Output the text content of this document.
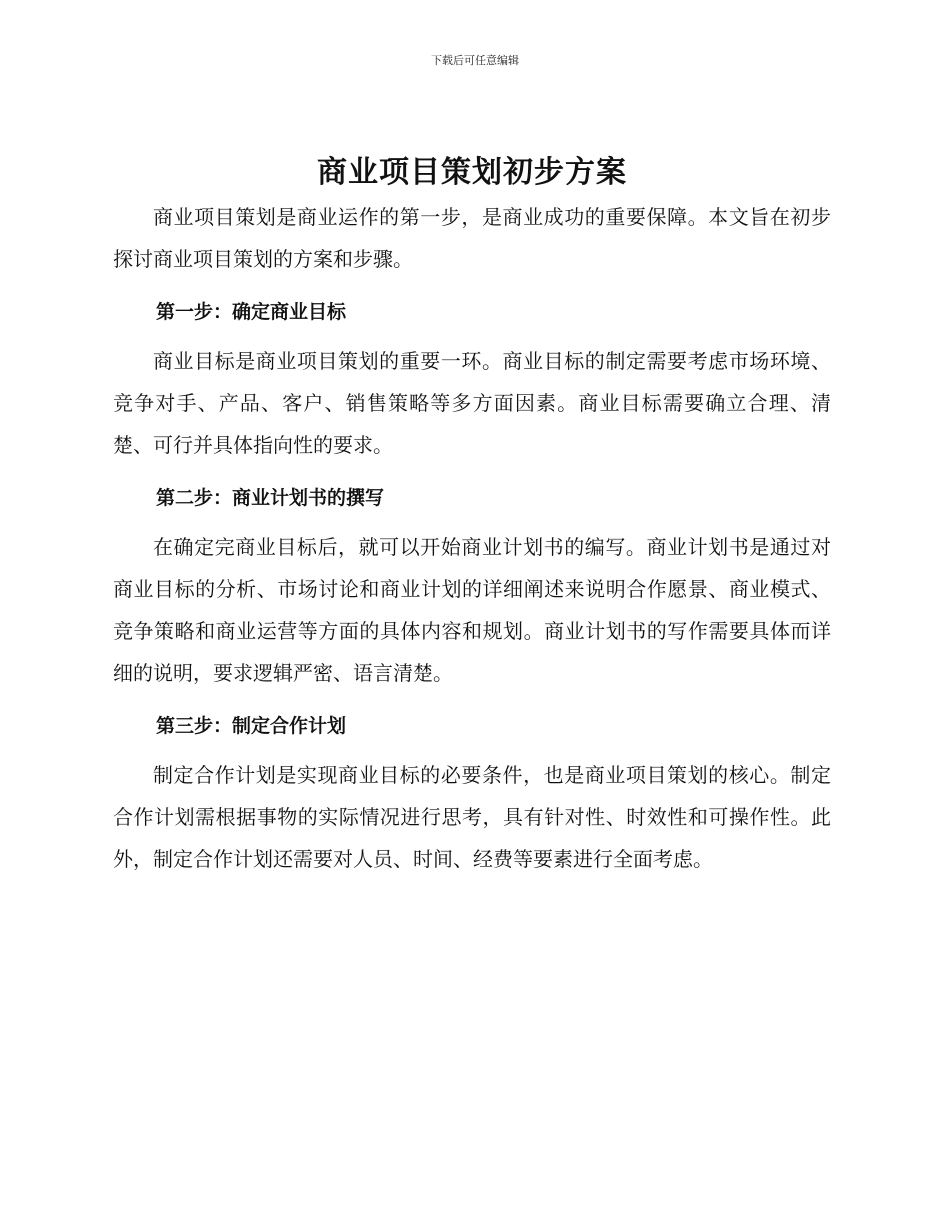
下载后可任意编辑
商业项目策划初步方案

商业项目策划是商业运作的第一步，是商业成功的重要保障。本文旨在初步探讨商业项目策划的方案和步骤。

第一步：确定商业目标

商业目标是商业项目策划的重要一环。商业目标的制定需要考虑市场环境、竞争对手、产品、客户、销售策略等多方面因素。商业目标需要确立合理、清楚、可行并具体指向性的要求。

第二步：商业计划书的撰写

在确定完商业目标后，就可以开始商业计划书的编写。商业计划书是通过对商业目标的分析、市场讨论和商业计划的详细阐述来说明合作愿景、商业模式、竞争策略和商业运营等方面的具体内容和规划。商业计划书的写作需要具体而详细的说明，要求逻辑严密、语言清楚。

第三步：制定合作计划

制定合作计划是实现商业目标的必要条件，也是商业项目策划的核心。制定合作计划需根据事物的实际情况进行思考，具有针对性、时效性和可操作性。此外，制定合作计划还需要对人员、时间、经费等要素进行全面考虑。
